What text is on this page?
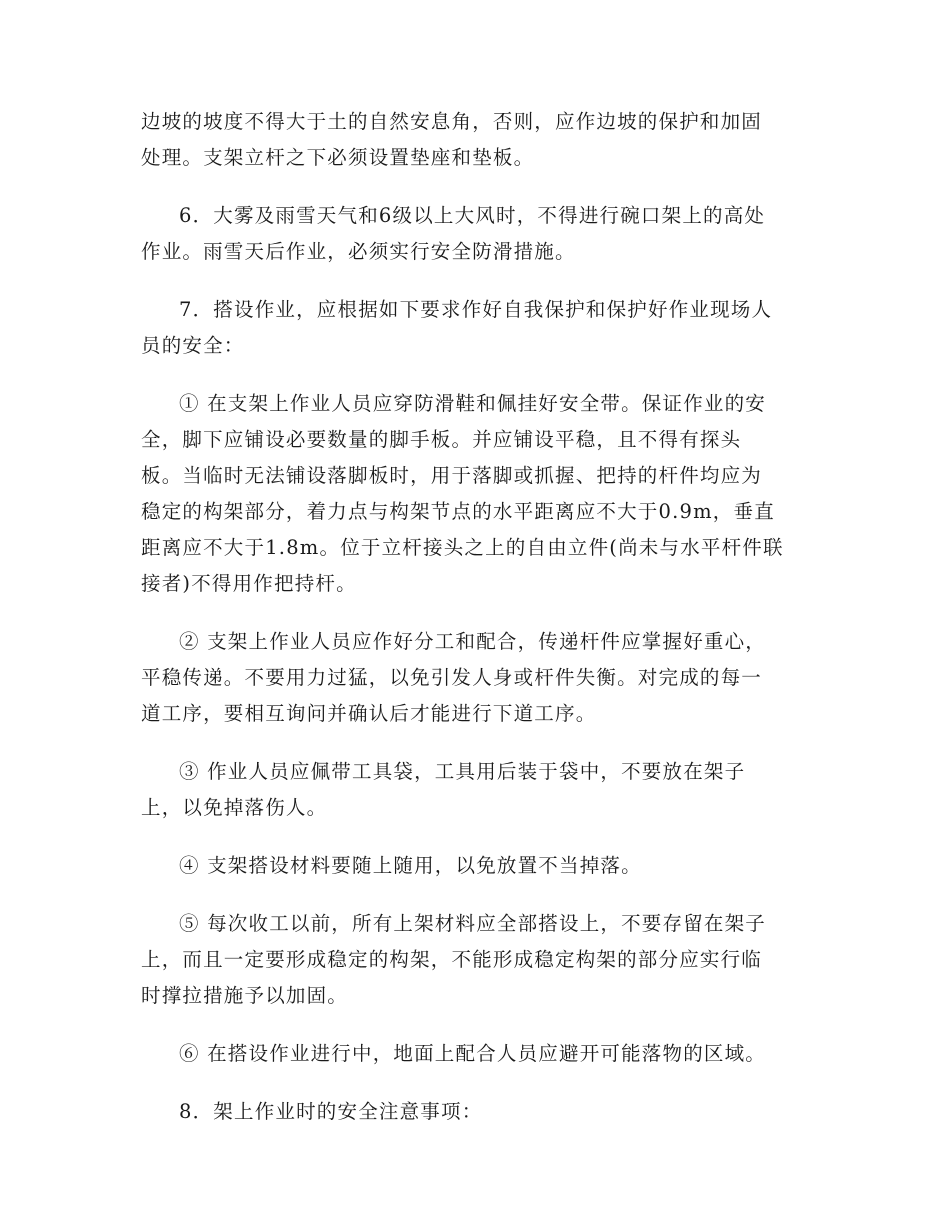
边坡的坡度不得大于土的自然安息角，否则，应作边坡的保护和加固
处理。支架立杆之下必须设置垫座和垫板。

6．大雾及雨雪天气和6级以上大风时，不得进行碗口架上的高处
作业。雨雪天后作业，必须实行安全防滑措施。

7．搭设作业，应根据如下要求作好自我保护和保护好作业现场人
员的安全：

① 在支架上作业人员应穿防滑鞋和佩挂好安全带。保证作业的安
全，脚下应铺设必要数量的脚手板。并应铺设平稳，且不得有探头
板。当临时无法铺设落脚板时，用于落脚或抓握、把持的杆件均应为
稳定的构架部分，着力点与构架节点的水平距离应不大于0.9m，垂直
距离应不大于1.8m。位于立杆接头之上的自由立件(尚未与水平杆件联
接者)不得用作把持杆。

② 支架上作业人员应作好分工和配合，传递杆件应掌握好重心，
平稳传递。不要用力过猛，以免引发人身或杆件失衡。对完成的每一
道工序，要相互询问并确认后才能进行下道工序。

③ 作业人员应佩带工具袋，工具用后装于袋中，不要放在架子
上，以免掉落伤人。

④ 支架搭设材料要随上随用，以免放置不当掉落。

⑤ 每次收工以前，所有上架材料应全部搭设上，不要存留在架子
上，而且一定要形成稳定的构架，不能形成稳定构架的部分应实行临
时撑拉措施予以加固。

⑥ 在搭设作业进行中，地面上配合人员应避开可能落物的区域。

8．架上作业时的安全注意事项：
